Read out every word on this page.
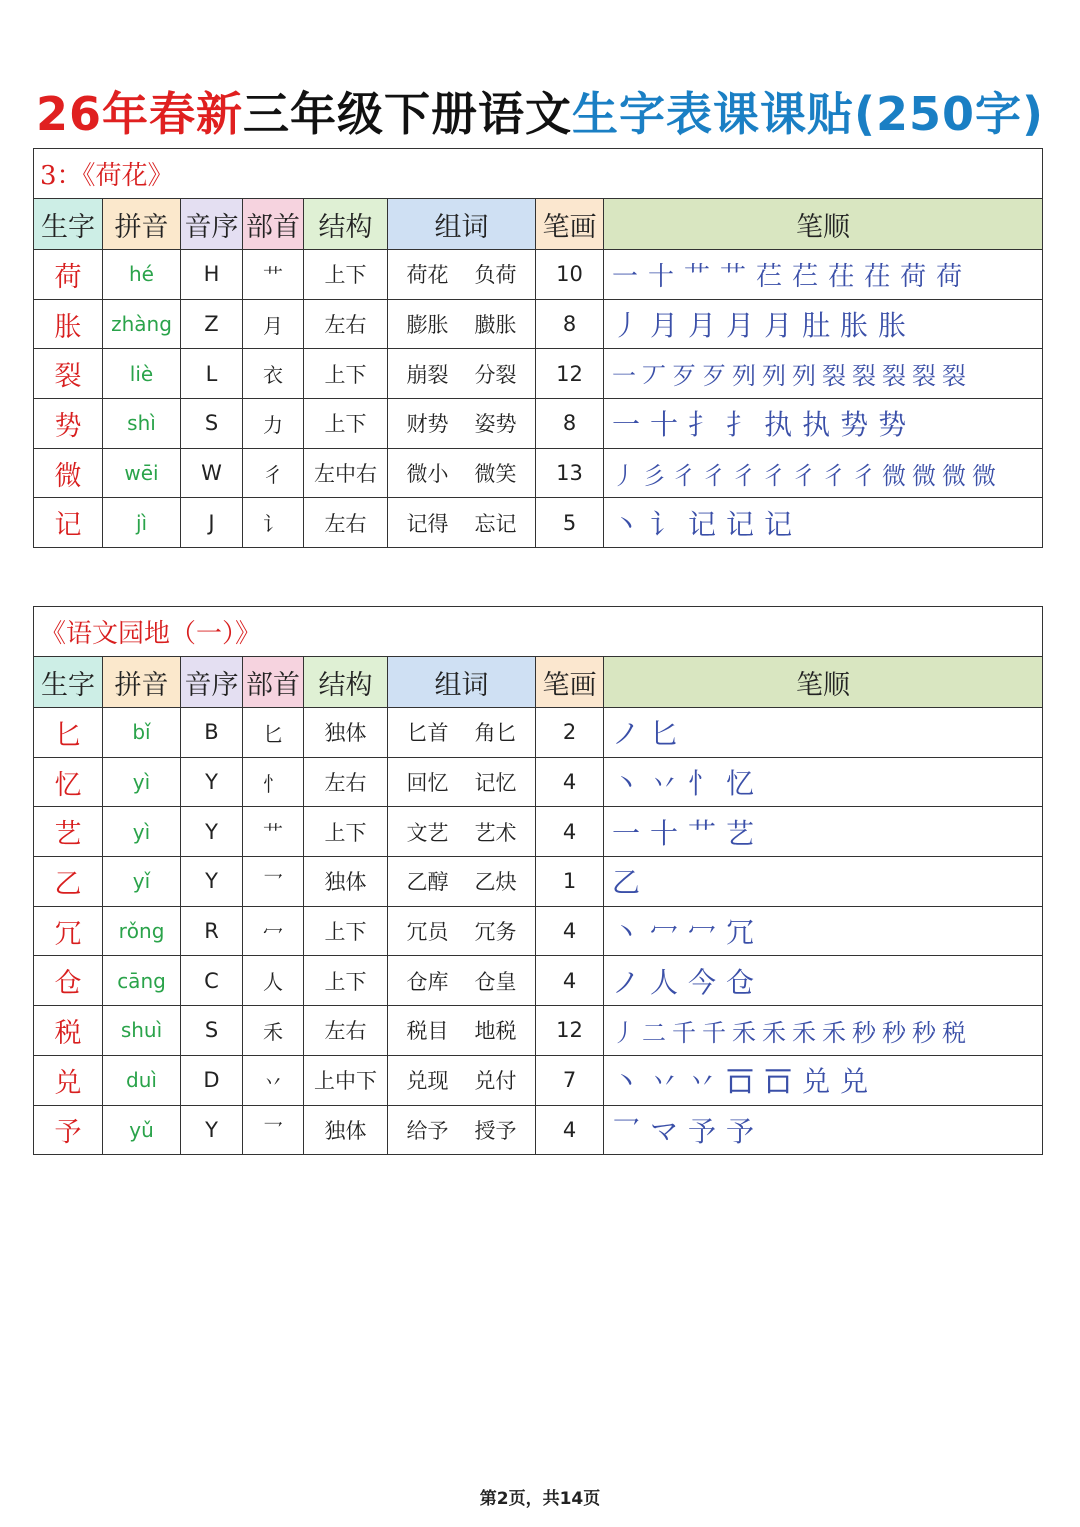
26年春新三年级下册语文生字表课课贴(250字)
3：《荷花》							
生字	拼音	音序	部首	结构	组词	笔画	笔顺
荷	hé	H	艹	上下	荷花 负荷	10	一 十 艹 艹 芢 芢 茌 茌 荷 荷
胀	zhàng	Z	月	左右	膨胀 臌胀	8	丿 月 月 月 月 肚 胀 胀
裂	liè	L	衣	上下	崩裂 分裂	12	一 丆 歹 歹 列 列 列 裂 裂 裂 裂 裂
势	shì	S	力	上下	财势 姿势	8	一 十 扌 扌 执 执 势 势
微	wēi	W	彳	左中右	微小 微笑	13	丿 彡 彳 彳 彳 彳 彳 彳 彳 微 微 微 微
记	jì	J	讠	左右	记得 忘记	5	丶 讠 记 记 记
《语文园地（一）》							
生字	拼音	音序	部首	结构	组词	笔画	笔顺
匕	bǐ	B	匕	独体	匕首 角匕	2	ノ 匕
忆	yì	Y	忄	左右	回忆 记忆	4	丶 丷 忄 忆
艺	yì	Y	艹	上下	文艺 艺术	4	一 十 艹 艺
乙	yǐ	Y	乛	独体	乙醇 乙炔	1	乙
冗	rǒng	R	冖	上下	冗员 冗务	4	丶 冖 冖 冗
仓	cāng	C	人	上下	仓库 仓皇	4	ノ 人 今 仓
税	shuì	S	禾	左右	税目 地税	12	丿 二 千 千 禾 禾 禾 禾 秒 秒 秒 税
兑	duì	D	丷	上中下	兑现 兑付	7	丶 丷 丷 𠮛 𠮛 兑 兑
予	yǔ	Y	乛	独体	给予 授予	4	乛 マ 予 予
第2页，共14页
